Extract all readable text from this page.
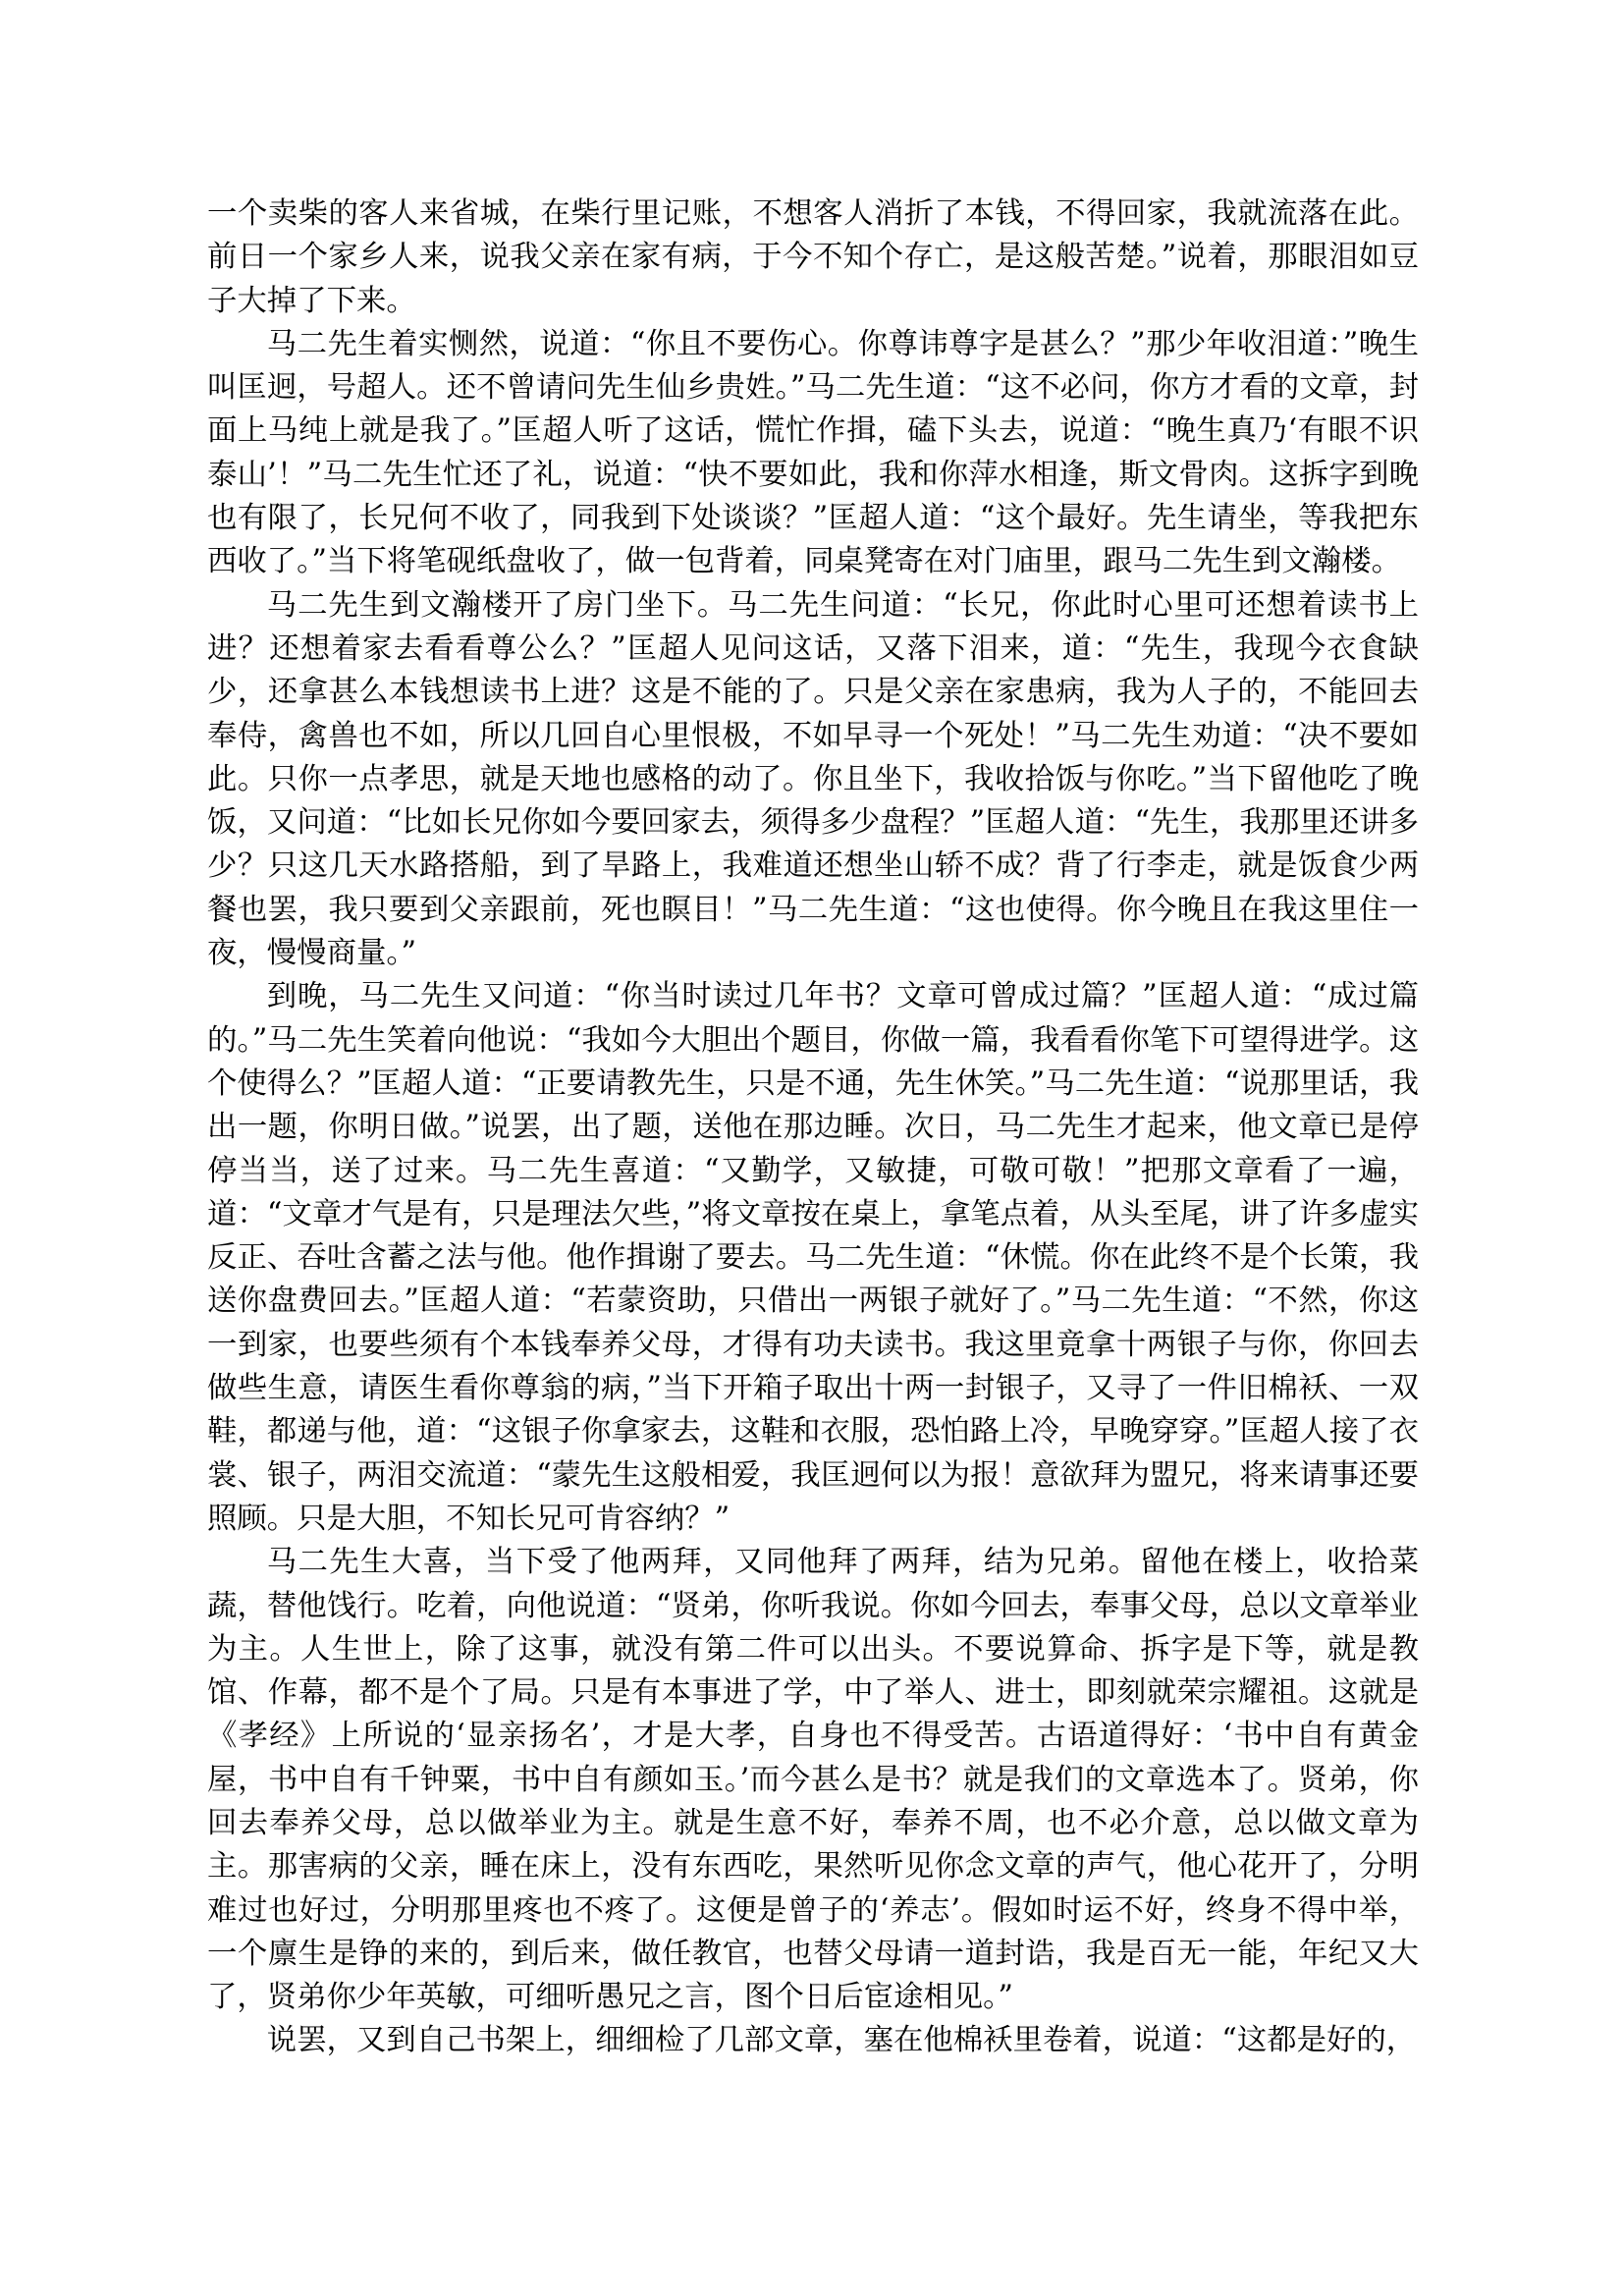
一个卖柴的客人来省城，在柴行里记账，不想客人消折了本钱，不得回家，我就流落在此。前日一个家乡人来，说我父亲在家有病，于今不知个存亡，是这般苦楚。”说着，那眼泪如豆子大掉了下来。

马二先生着实恻然，说道：“你且不要伤心。你尊讳尊字是甚么？”那少年收泪道：”晚生叫匡迥，号超人。还不曾请问先生仙乡贵姓。”马二先生道：“这不必问，你方才看的文章，封面上马纯上就是我了。”匡超人听了这话，慌忙作揖，磕下头去，说道：“晚生真乃‘有眼不识泰山’！”马二先生忙还了礼，说道：“快不要如此，我和你萍水相逢，斯文骨肉。这拆字到晚也有限了，长兄何不收了，同我到下处谈谈？”匡超人道：“这个最好。先生请坐，等我把东西收了。”当下将笔砚纸盘收了，做一包背着，同桌凳寄在对门庙里，跟马二先生到文瀚楼。

马二先生到文瀚楼开了房门坐下。马二先生问道：“长兄，你此时心里可还想着读书上进？还想着家去看看尊公么？”匡超人见问这话，又落下泪来，道：“先生，我现今衣食缺少，还拿甚么本钱想读书上进？这是不能的了。只是父亲在家患病，我为人子的，不能回去奉侍，禽兽也不如，所以几回自心里恨极，不如早寻一个死处！”马二先生劝道：“决不要如此。只你一点孝思，就是天地也感格的动了。你且坐下，我收拾饭与你吃。”当下留他吃了晚饭，又问道：“比如长兄你如今要回家去，须得多少盘程？”匡超人道：“先生，我那里还讲多少？只这几天水路搭船，到了旱路上，我难道还想坐山轿不成？背了行李走，就是饭食少两餐也罢，我只要到父亲跟前，死也瞑目！”马二先生道：“这也使得。你今晚且在我这里住一夜，慢慢商量。”

到晚，马二先生又问道：“你当时读过几年书？文章可曾成过篇？”匡超人道：“成过篇的。”马二先生笑着向他说：“我如今大胆出个题目，你做一篇，我看看你笔下可望得进学。这个使得么？”匡超人道：“正要请教先生，只是不通，先生休笑。”马二先生道：“说那里话，我出一题，你明日做。”说罢，出了题，送他在那边睡。次日，马二先生才起来，他文章已是停停当当，送了过来。马二先生喜道：“又勤学，又敏捷，可敬可敬！”把那文章看了一遍，道：“文章才气是有，只是理法欠些，”将文章按在桌上，拿笔点着，从头至尾，讲了许多虚实反正、吞吐含蓄之法与他。他作揖谢了要去。马二先生道：“休慌。你在此终不是个长策，我送你盘费回去。”匡超人道：“若蒙资助，只借出一两银子就好了。”马二先生道：“不然，你这一到家，也要些须有个本钱奉养父母，才得有功夫读书。我这里竟拿十两银子与你，你回去做些生意，请医生看你尊翁的病，”当下开箱子取出十两一封银子，又寻了一件旧棉袄、一双鞋，都递与他，道：“这银子你拿家去，这鞋和衣服，恐怕路上冷，早晚穿穿。”匡超人接了衣裳、银子，两泪交流道：“蒙先生这般相爱，我匡迥何以为报！意欲拜为盟兄，将来请事还要照顾。只是大胆，不知长兄可肯容纳？”

马二先生大喜，当下受了他两拜，又同他拜了两拜，结为兄弟。留他在楼上，收拾菜蔬，替他饯行。吃着，向他说道：“贤弟，你听我说。你如今回去，奉事父母，总以文章举业为主。人生世上，除了这事，就没有第二件可以出头。不要说算命、拆字是下等，就是教馆、作幕，都不是个了局。只是有本事进了学，中了举人、进士，即刻就荣宗耀祖。这就是《孝经》上所说的‘显亲扬名’，才是大孝，自身也不得受苦。古语道得好：‘书中自有黄金屋，书中自有千钟粟，书中自有颜如玉。’而今甚么是书？就是我们的文章选本了。贤弟，你回去奉养父母，总以做举业为主。就是生意不好，奉养不周，也不必介意，总以做文章为主。那害病的父亲，睡在床上，没有东西吃，果然听见你念文章的声气，他心花开了，分明难过也好过，分明那里疼也不疼了。这便是曾子的‘养志’。假如时运不好，终身不得中举，一个廪生是铮的来的，到后来，做任教官，也替父母请一道封诰，我是百无一能，年纪又大了，贤弟你少年英敏，可细听愚兄之言，图个日后宦途相见。”

说罢，又到自己书架上，细细检了几部文章，塞在他棉袄里卷着，说道：“这都是好的，
